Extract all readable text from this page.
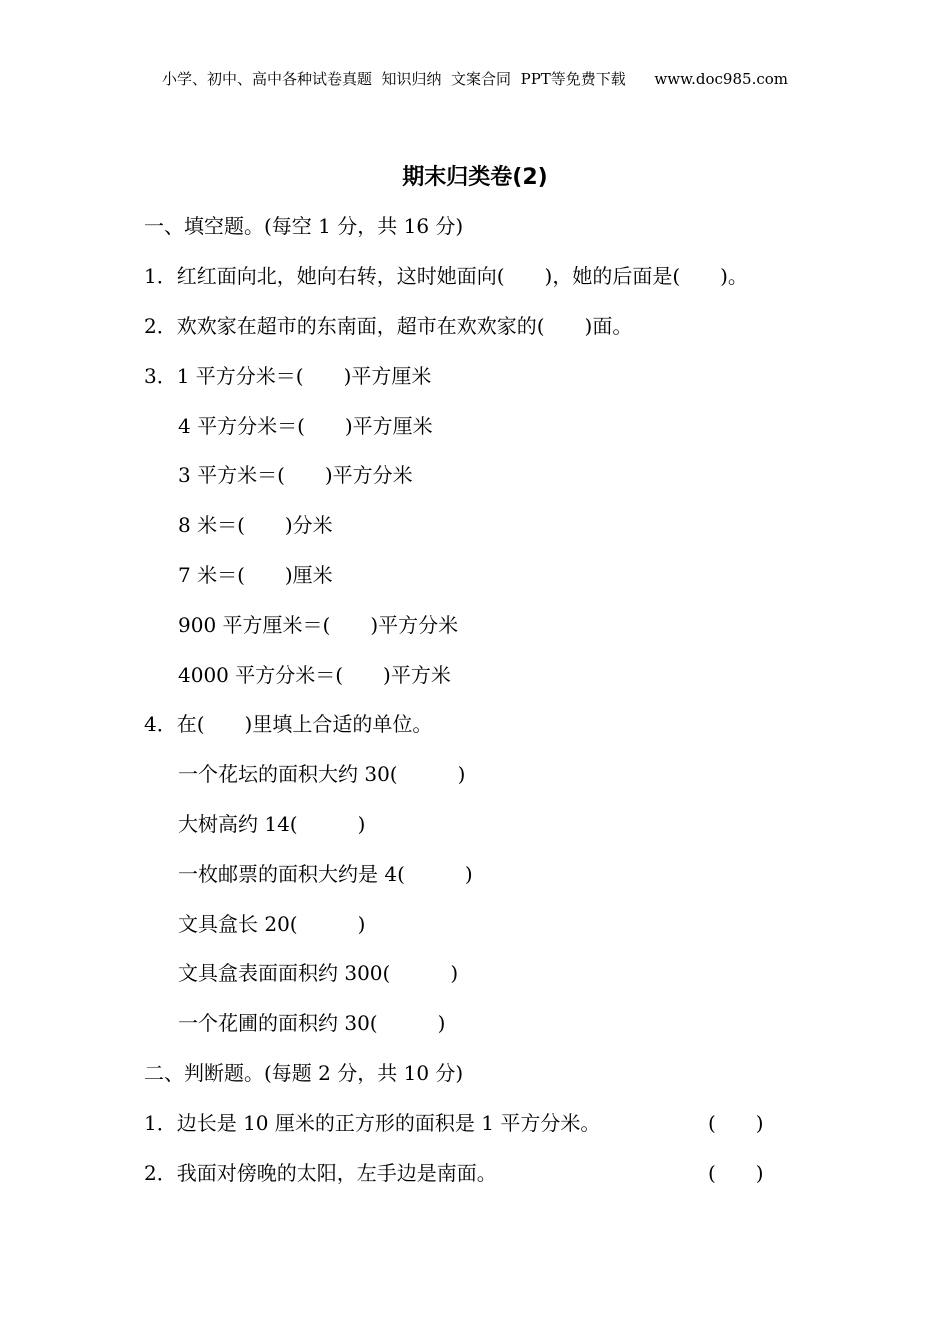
小学、初中、高中各种试卷真题  知识归纳  文案合同  PPT等免费下载      www.doc985.com
期末归类卷(2)
一、填空题。(每空 1 分，共 16 分)
1．红红面向北，她向右转，这时她面向(　　)，她的后面是(　　)。
2．欢欢家在超市的东南面，超市在欢欢家的(　　)面。
3．1 平方分米＝(　　)平方厘米
4 平方分米＝(　　)平方厘米
3 平方米＝(　　)平方分米
8 米＝(　　)分米
7 米＝(　　)厘米
900 平方厘米＝(　　)平方分米
4000 平方分米＝(　　)平方米
4．在(　　)里填上合适的单位。
一个花坛的面积大约 30(　　　)
大树高约 14(　　　)
一枚邮票的面积大约是 4(　　　)
文具盒长 20(　　　)
文具盒表面面积约 300(　　　)
一个花圃的面积约 30(　　　)
二、判断题。(每题 2 分，共 10 分)
1．边长是 10 厘米的正方形的面积是 1 平方分米。	(　　)
2．我面对傍晚的太阳，左手边是南面。	(　　)
